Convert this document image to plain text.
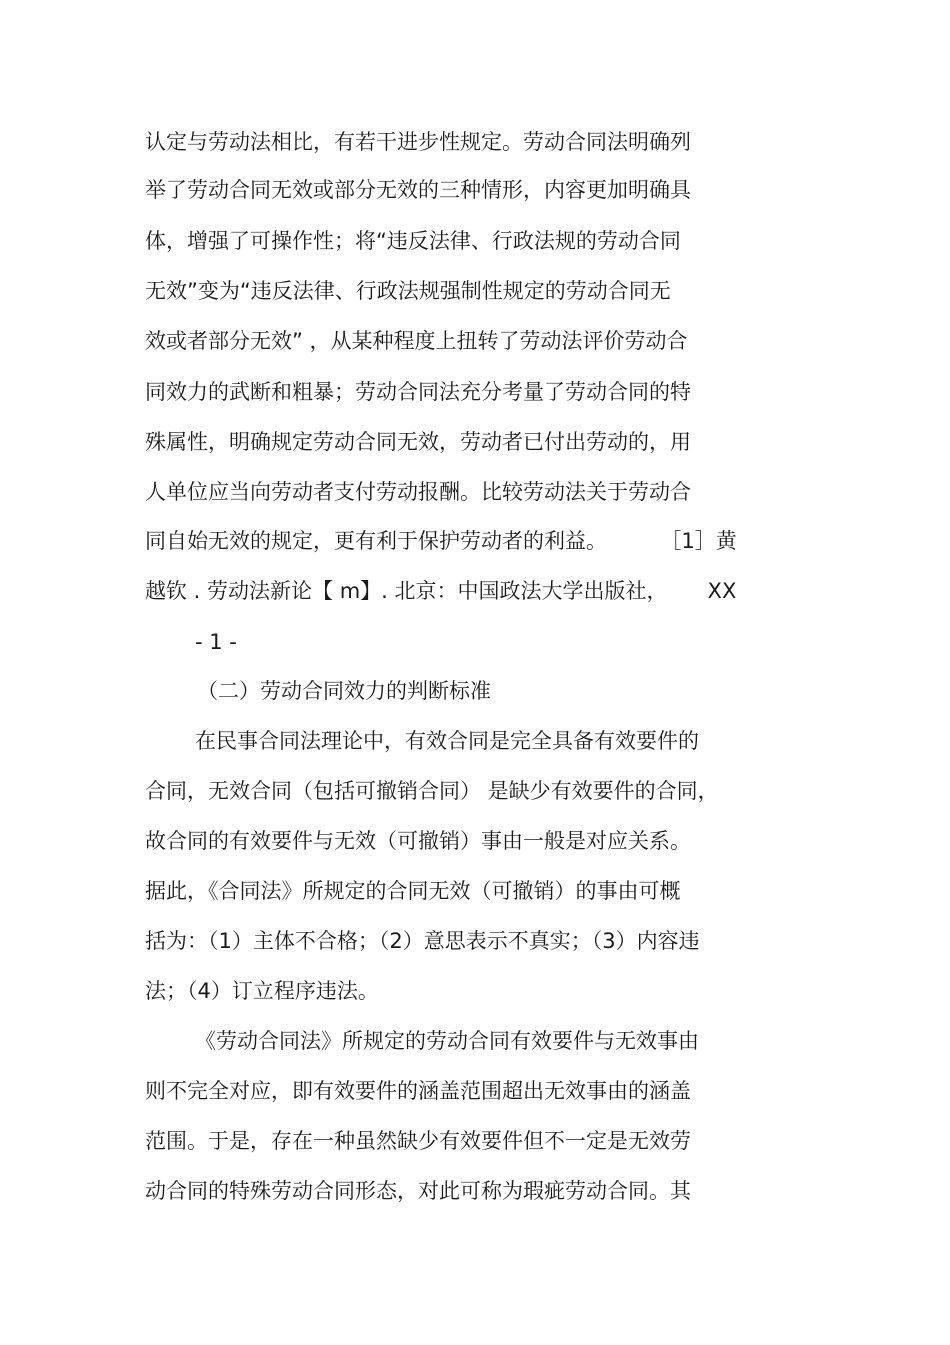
认定与劳动法相比，有若干进步性规定。劳动合同法明确列
举了劳动合同无效或部分无效的三种情形，内容更加明确具
体，增强了可操作性；将“违反法律、行政法规的劳动合同
无效”变为“违反法律、行政法规强制性规定的劳动合同无
效或者部分无效” ，从某种程度上扭转了劳动法评价劳动合
同效力的武断和粗暴；劳动合同法充分考量了劳动合同的特
殊属性，明确规定劳动合同无效，劳动者已付出劳动的，用
人单位应当向劳动者支付劳动报酬。比较劳动法关于劳动合
同自始无效的规定，更有利于保护劳动者的利益。        ［1］黄
越钦 . 劳动法新论【 m】. 北京：中国政法大学出版社，      XX
- 1 -
（二）劳动合同效力的判断标准
在民事合同法理论中，有效合同是完全具备有效要件的
合同，无效合同（包括可撤销合同） 是缺少有效要件的合同，
故合同的有效要件与无效（可撤销）事由一般是对应关系。
据此，《合同法》所规定的合同无效（可撤销）的事由可概
括为：（1）主体不合格；（2）意思表示不真实；（3）内容违
法；（4）订立程序违法。
《劳动合同法》所规定的劳动合同有效要件与无效事由
则不完全对应，即有效要件的涵盖范围超出无效事由的涵盖
范围。于是，存在一种虽然缺少有效要件但不一定是无效劳
动合同的特殊劳动合同形态，对此可称为瑕疵劳动合同。其
